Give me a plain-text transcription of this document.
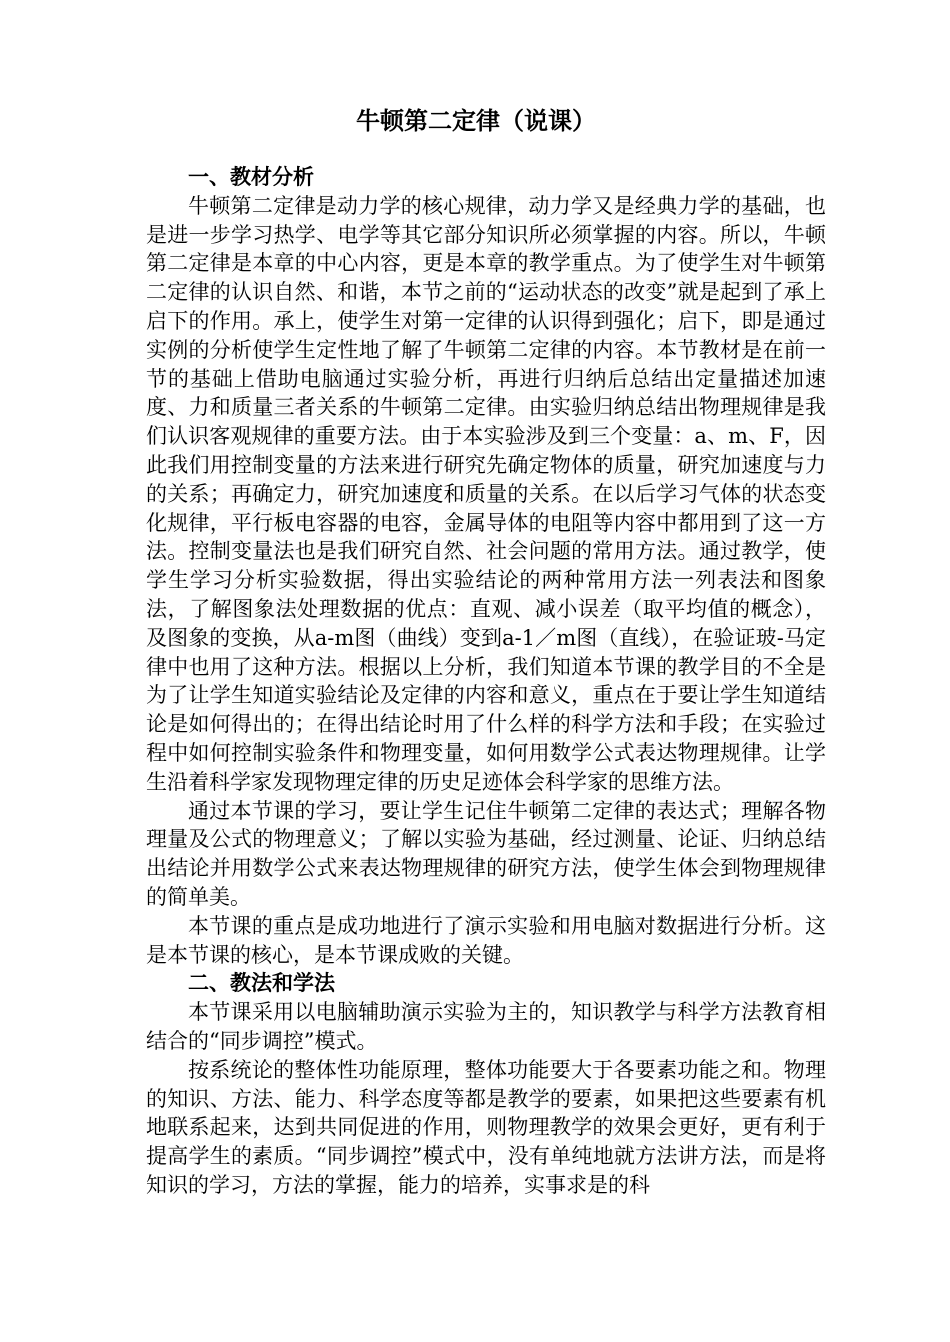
牛顿第二定律（说课）

一、教材分析

牛顿第二定律是动力学的核心规律，动力学又是经典力学的基础，也是进一步学习热学、电学等其它部分知识所必须掌握的内容。所以，牛顿第二定律是本章的中心内容，更是本章的教学重点。为了使学生对牛顿第二定律的认识自然、和谐，本节之前的“运动状态的改变”就是起到了承上启下的作用。承上，使学生对第一定律的认识得到强化；启下，即是通过实例的分析使学生定性地了解了牛顿第二定律的内容。本节教材是在前一节的基础上借助电脑通过实验分析，再进行归纳后总结出定量描述加速度、力和质量三者关系的牛顿第二定律。由实验归纳总结出物理规律是我们认识客观规律的重要方法。由于本实验涉及到三个变量：a、m、F，因此我们用控制变量的方法来进行研究先确定物体的质量，研究加速度与力的关系；再确定力，研究加速度和质量的关系。在以后学习气体的状态变化规律，平行板电容器的电容，金属导体的电阻等内容中都用到了这一方法。控制变量法也是我们研究自然、社会问题的常用方法。通过教学，使学生学习分析实验数据，得出实验结论的两种常用方法一列表法和图象法，了解图象法处理数据的优点：直观、减小误差（取平均值的概念），及图象的变换，从a-m图（曲线）变到a-1／m图（直线），在验证玻-马定律中也用了这种方法。根据以上分析，我们知道本节课的教学目的不全是为了让学生知道实验结论及定律的内容和意义，重点在于要让学生知道结论是如何得出的；在得出结论时用了什么样的科学方法和手段；在实验过程中如何控制实验条件和物理变量，如何用数学公式表达物理规律。让学生沿着科学家发现物理定律的历史足迹体会科学家的思维方法。

通过本节课的学习，要让学生记住牛顿第二定律的表达式；理解各物理量及公式的物理意义；了解以实验为基础，经过测量、论证、归纳总结出结论并用数学公式来表达物理规律的研究方法，使学生体会到物理规律的简单美。

本节课的重点是成功地进行了演示实验和用电脑对数据进行分析。这是本节课的核心，是本节课成败的关键。

二、教法和学法

本节课采用以电脑辅助演示实验为主的，知识教学与科学方法教育相结合的“同步调控”模式。

按系统论的整体性功能原理，整体功能要大于各要素功能之和。物理的知识、方法、能力、科学态度等都是教学的要素，如果把这些要素有机地联系起来，达到共同促进的作用，则物理教学的效果会更好，更有利于提高学生的素质。“同步调控”模式中，没有单纯地就方法讲方法，而是将知识的学习，方法的掌握，能力的培养，实事求是的科
